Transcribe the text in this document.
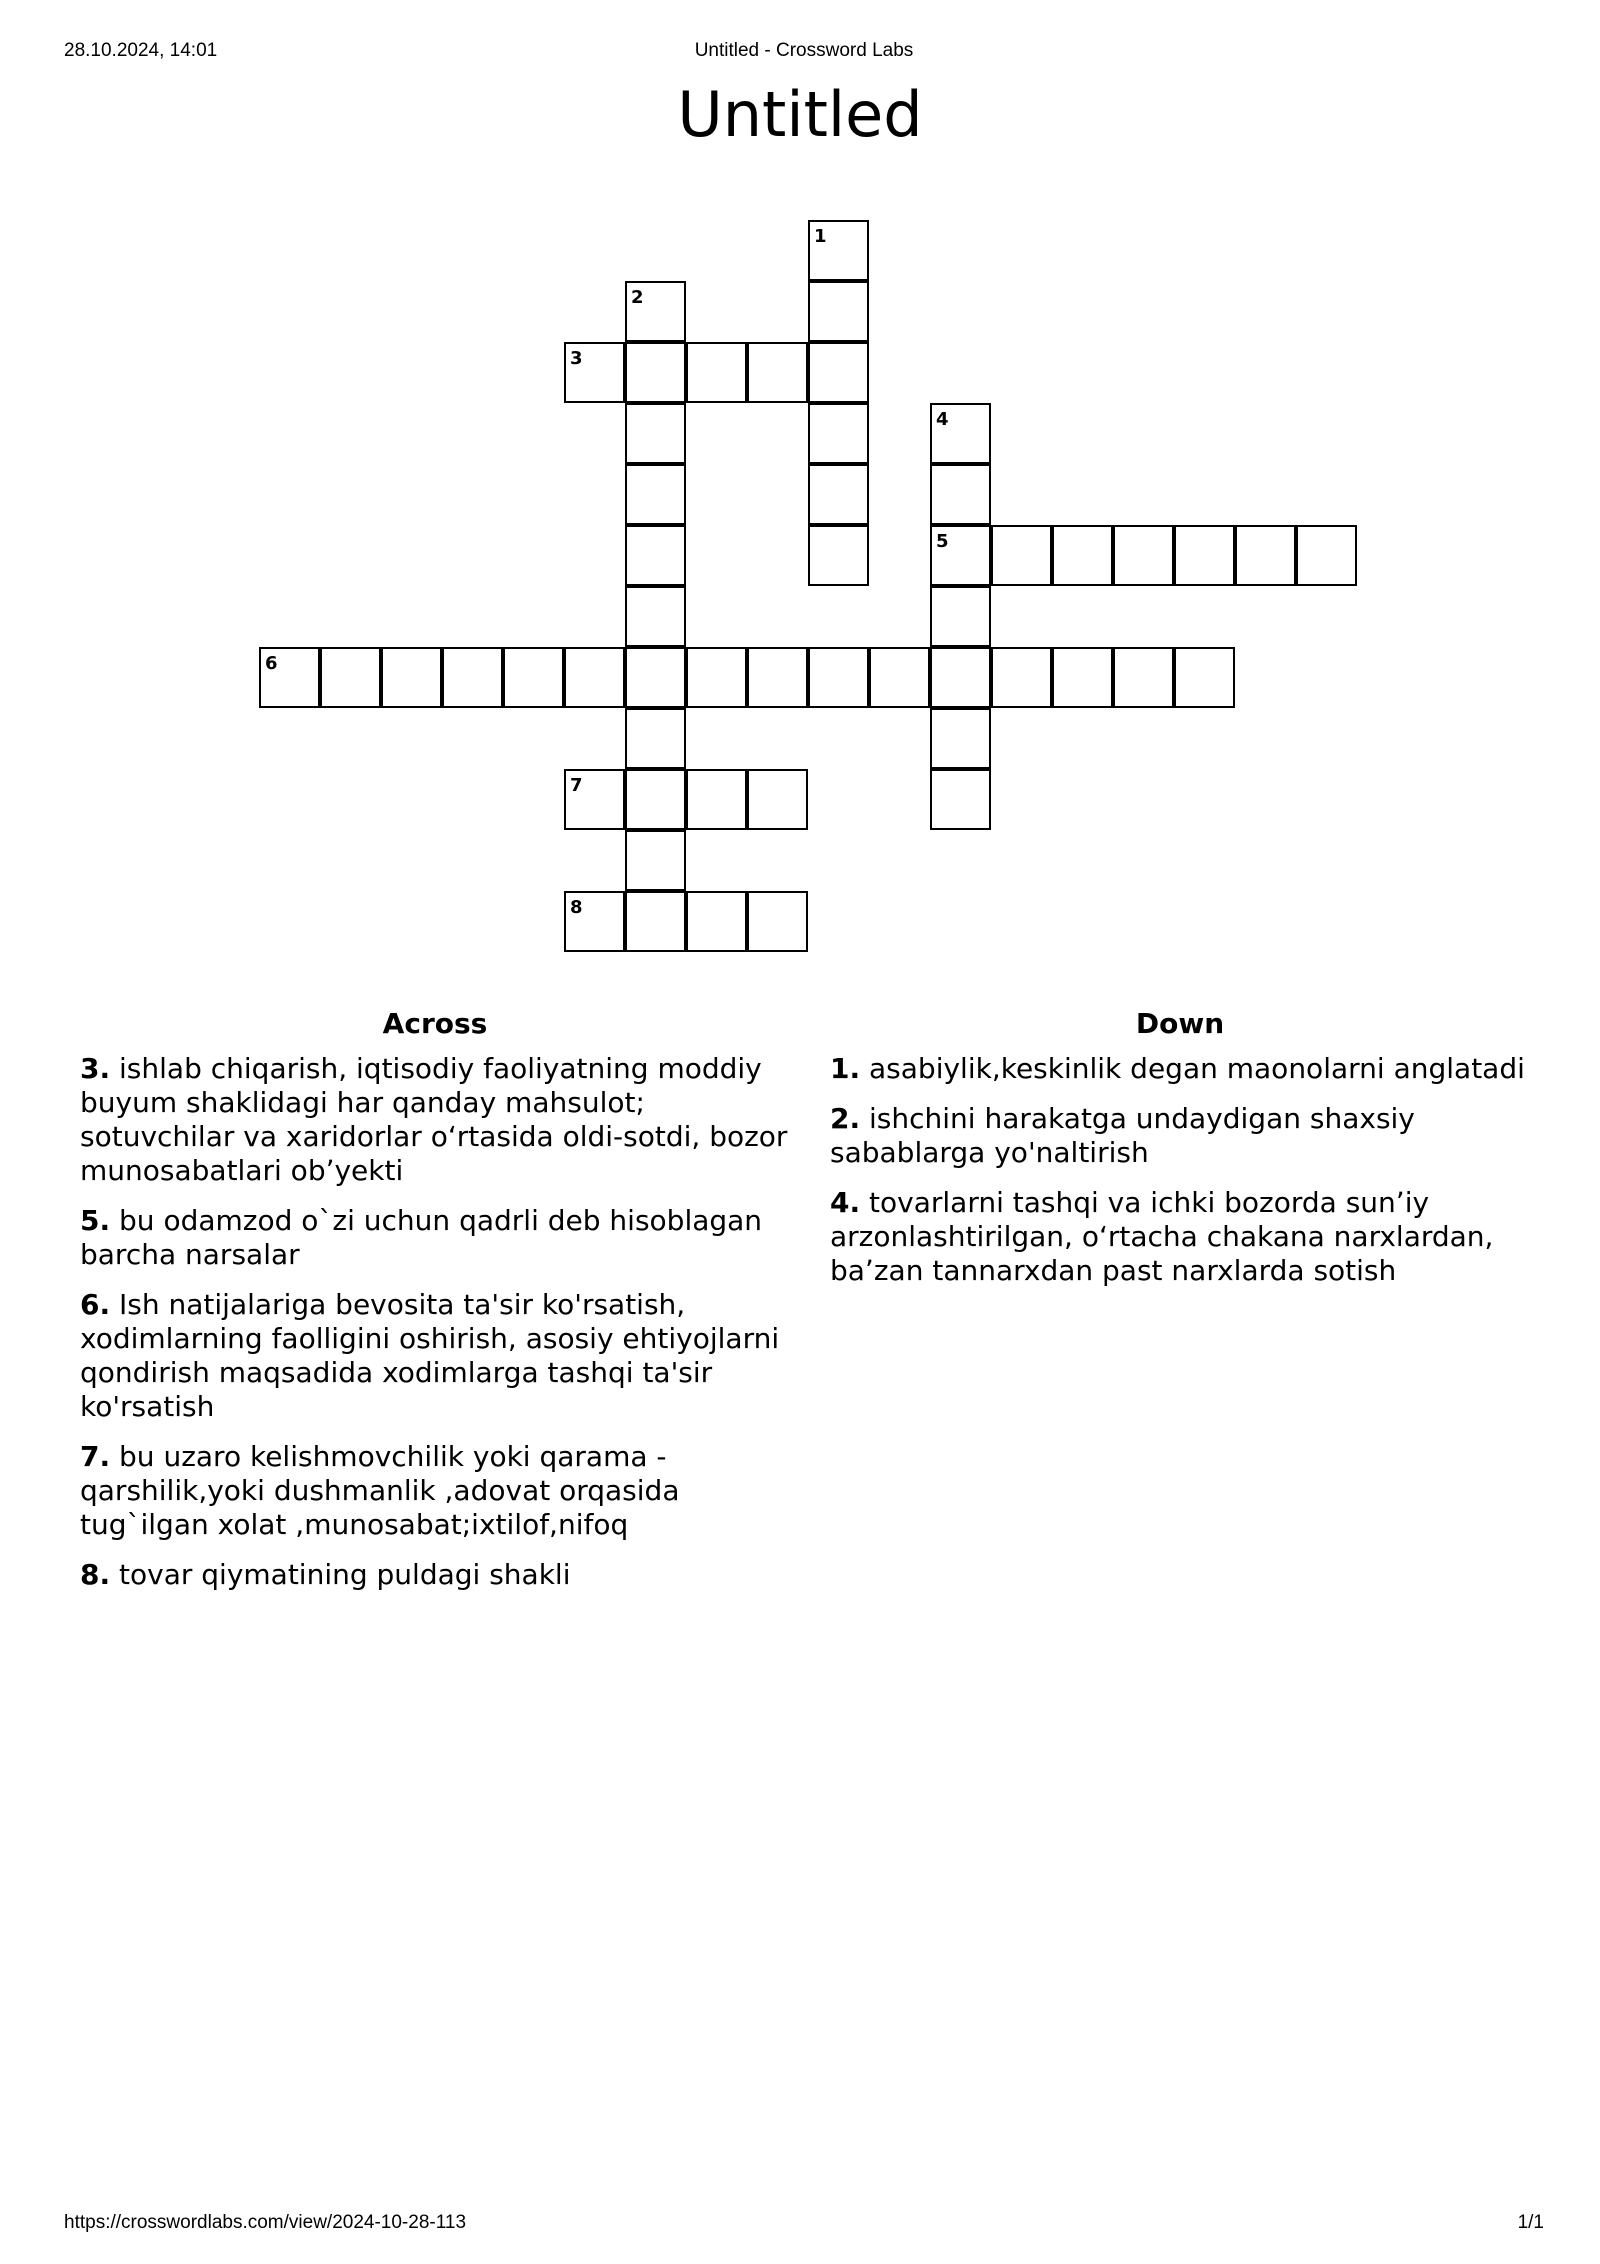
28.10.2024, 14:01	Untitled - Crossword Labs
Untitled
1
2
3
4
5
6
7
8
Across
3. ishlab chiqarish, iqtisodiy faoliyatning moddiy buyum shaklidagi har qanday mahsulot; sotuvchilar va xaridorlar oʻrtasida oldi-sotdi, bozor munosabatlari obʼyekti
5. bu odamzod o`zi uchun qadrli deb hisoblagan barcha narsalar
6. Ish natijalariga bevosita ta'sir ko'rsatish, xodimlarning faolligini oshirish, asosiy ehtiyojlarni qondirish maqsadida xodimlarga tashqi ta'sir ko'rsatish
7. bu uzaro kelishmovchilik yoki qarama - qarshilik,yoki dushmanlik ,adovat orqasida tug`ilgan xolat ,munosabat;ixtilof,nifoq
8. tovar qiymatining puldagi shakli
Down
1. asabiylik,keskinlik degan maonolarni anglatadi
2. ishchini harakatga undaydigan shaxsiy sabablarga yo'naltirish
4. tovarlarni tashqi va ichki bozorda sunʼiy arzonlashtirilgan, oʻrtacha chakana narxlardan, baʼzan tannarxdan past narxlarda sotish
https://crosswordlabs.com/view/2024-10-28-113	1/1
